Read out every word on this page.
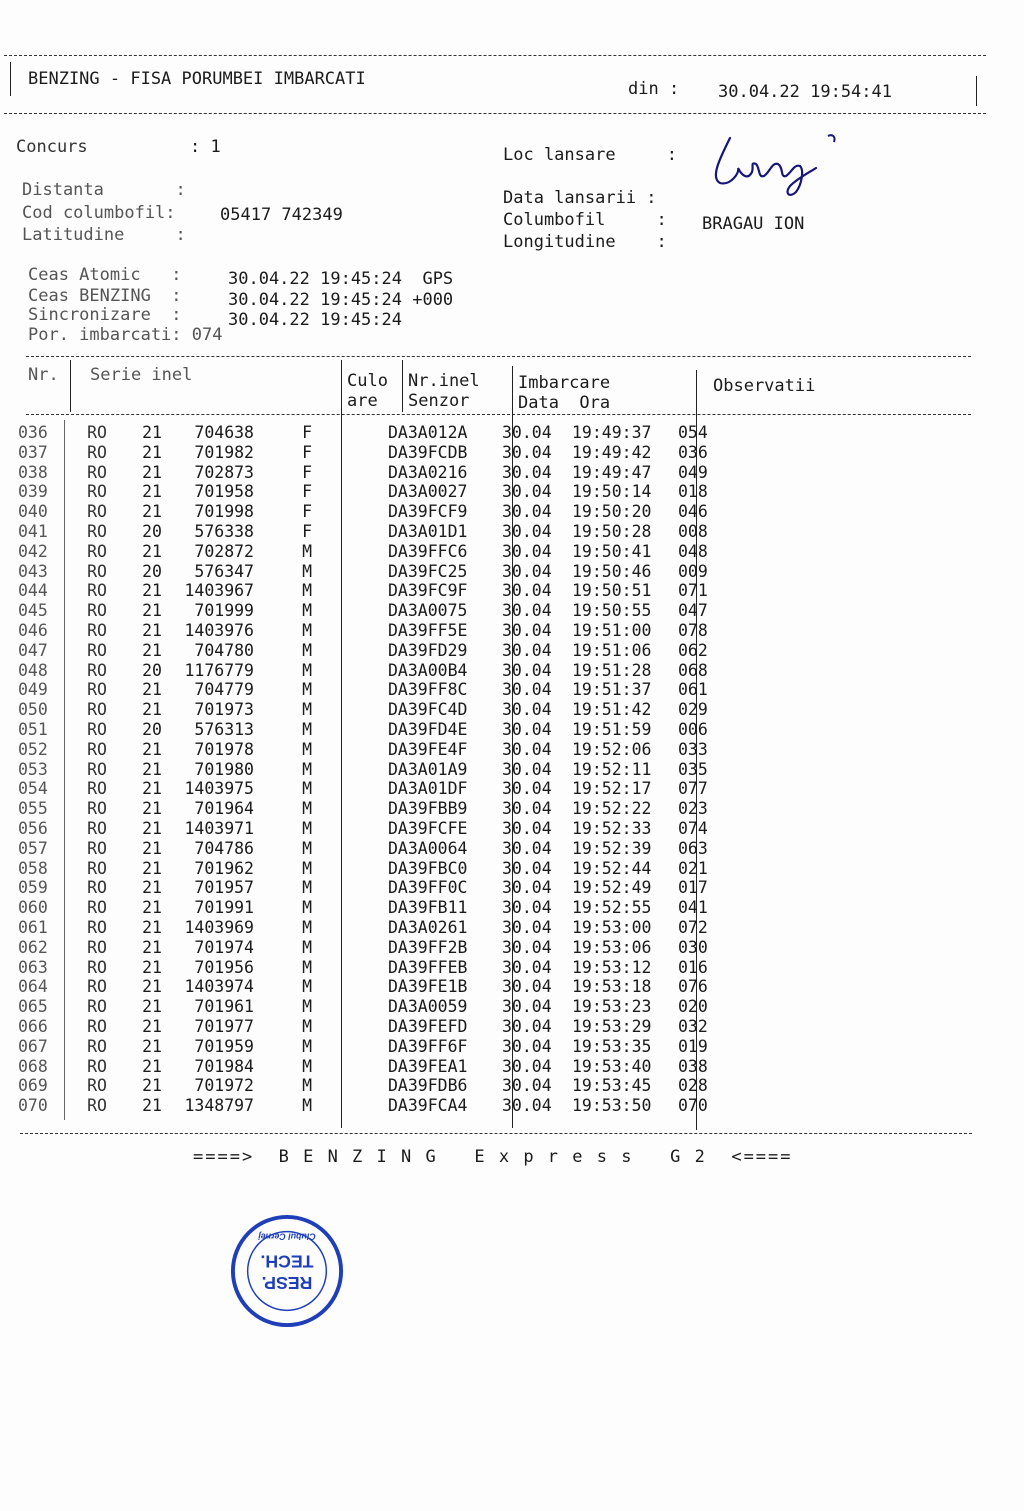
BENZING - FISA PORUMBEI IMBARCATI	din : 30.04.22 19:54:41
Concurs	: 1
Distanta       :
Cod columbofil:	05417 742349
Latitudine     :
Loc lansare     :
Data lansarii :
Columbofil     : BRAGAU ION
Longitudine    :
Ceas Atomic   :	30.04.22 19:45:24  GPS
Ceas BENZING  :	30.04.22 19:45:24 +000
Sincronizare  :	30.04.22 19:45:24
Por. imbarcati: 074
Nr. Serie inel	Culo
are
Nr.inel
Senzor
Imbarcare
Data  Ora
Observatii
036	RO	21	704638	F		DA3A012A	30.04	19:49:37	054
037	RO	21	701982	F		DA39FCDB	30.04	19:49:42	036
038	RO	21	702873	F		DA3A0216	30.04	19:49:47	049
039	RO	21	701958	F		DA3A0027	30.04	19:50:14	018
040	RO	21	701998	F		DA39FCF9	30.04	19:50:20	046
041	RO	20	576338	F		DA3A01D1	30.04	19:50:28	008
042	RO	21	702872	M		DA39FFC6	30.04	19:50:41	048
043	RO	20	576347	M		DA39FC25	30.04	19:50:46	009
044	RO	21	1403967	M		DA39FC9F	30.04	19:50:51	071
045	RO	21	701999	M		DA3A0075	30.04	19:50:55	047
046	RO	21	1403976	M		DA39FF5E	30.04	19:51:00	078
047	RO	21	704780	M		DA39FD29	30.04	19:51:06	062
048	RO	20	1176779	M		DA3A00B4	30.04	19:51:28	068
049	RO	21	704779	M		DA39FF8C	30.04	19:51:37	061
050	RO	21	701973	M		DA39FC4D	30.04	19:51:42	029
051	RO	20	576313	M		DA39FD4E	30.04	19:51:59	006
052	RO	21	701978	M		DA39FE4F	30.04	19:52:06	033
053	RO	21	701980	M		DA3A01A9	30.04	19:52:11	035
054	RO	21	1403975	M		DA3A01DF	30.04	19:52:17	077
055	RO	21	701964	M		DA39FBB9	30.04	19:52:22	023
056	RO	21	1403971	M		DA39FCFE	30.04	19:52:33	074
057	RO	21	704786	M		DA3A0064	30.04	19:52:39	063
058	RO	21	701962	M		DA39FBC0	30.04	19:52:44	021
059	RO	21	701957	M		DA39FF0C	30.04	19:52:49	017
060	RO	21	701991	M		DA39FB11	30.04	19:52:55	041
061	RO	21	1403969	M		DA3A0261	30.04	19:53:00	072
062	RO	21	701974	M		DA39FF2B	30.04	19:53:06	030
063	RO	21	701956	M		DA39FFEB	30.04	19:53:12	016
064	RO	21	1403974	M		DA39FE1B	30.04	19:53:18	076
065	RO	21	701961	M		DA3A0059	30.04	19:53:23	020
066	RO	21	701977	M		DA39FEFD	30.04	19:53:29	032
067	RO	21	701959	M		DA39FF6F	30.04	19:53:35	019
068	RO	21	701984	M		DA39FEA1	30.04	19:53:40	038
069	RO	21	701972	M		DA39FDB6	30.04	19:53:45	028
070	RO	21	1348797	M		DA39FCA4	30.04	19:53:50	070
====>  B E N Z I N G   E x p r e s s   G 2  <====
RESP.
TECH.
Clubul Cernej
